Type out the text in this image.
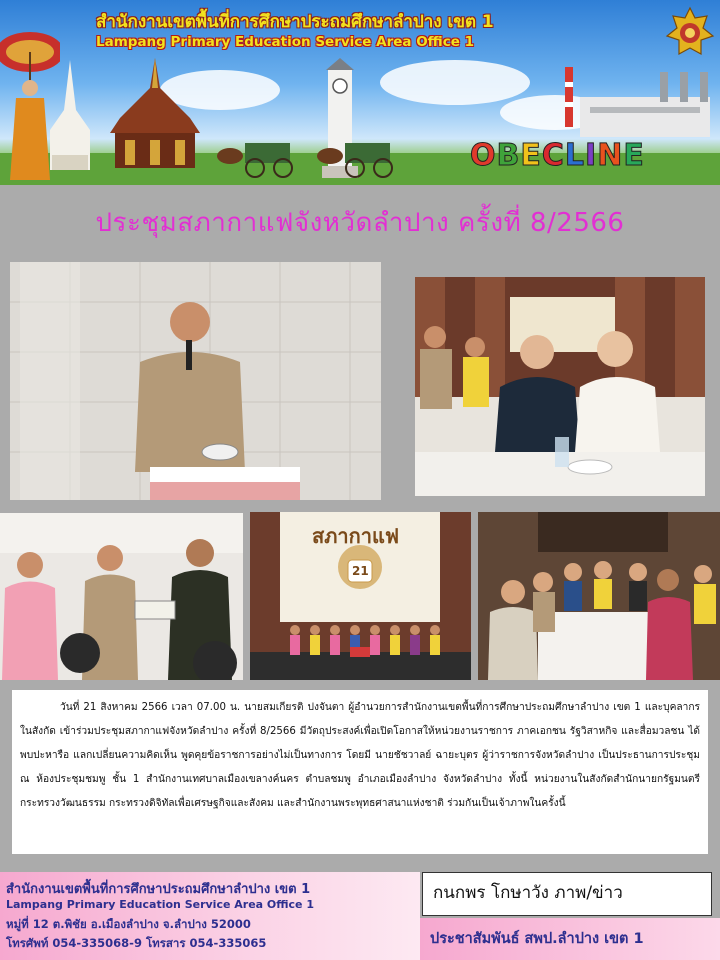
สำนักงานเขตพื้นที่การศึกษาประถมศึกษาลำปาง เขต 1
Lampang Primary Education Service Area Office 1
OBECLINE
ประชุมสภากาแฟจังหวัดลำปาง ครั้งที่ 8/2566
สภากาแฟ
21

วันที่ 21 สิงหาคม 2566 เวลา 07.00 น. นายสมเกียรติ ปงจันตา ผู้อำนวยการสำนักงานเขตพื้นที่การศึกษาประถมศึกษาลำปาง เขต 1 และบุคลากรในสังกัด เข้าร่วมประชุมสภากาแฟจังหวัดลำปาง ครั้งที่ 8/2566 มีวัตถุประสงค์เพื่อเปิดโอกาสให้หน่วยงานราชการ ภาคเอกชน รัฐวิสาหกิจ และสื่อมวลชน ได้พบปะหารือ แลกเปลี่ยนความคิดเห็น พูดคุยข้อราชการอย่างไม่เป็นทางการ โดยมี นายชัชวาลย์ ฉายะบุตร ผู้ว่าราชการจังหวัดลำปาง เป็นประธานการประชุม ณ ห้องประชุมชมพู ชั้น 1 สำนักงานเทศบาลเมืองเขลางค์นคร ตำบลชมพู อำเภอเมืองลำปาง จังหวัดลำปาง ทั้งนี้ หน่วยงานในสังกัดสำนักนายกรัฐมนตรี กระทรวงวัฒนธรรม กระทรวงดิจิทัลเพื่อเศรษฐกิจและสังคม และสำนักงานพระพุทธศาสนาแห่งชาติ ร่วมกันเป็นเจ้าภาพในครั้งนี้

สำนักงานเขตพื้นที่การศึกษาประถมศึกษาลำปาง เขต 1
Lampang Primary Education Service Area Office 1
หมู่ที่ 12 ต.พิชัย อ.เมืองลำปาง จ.ลำปาง 52000
โทรศัพท์ 054-335068-9 โทรสาร 054-335065
กนกพร โกษาวัง ภาพ/ข่าว
ประชาสัมพันธ์ สพป.ลำปาง เขต 1
